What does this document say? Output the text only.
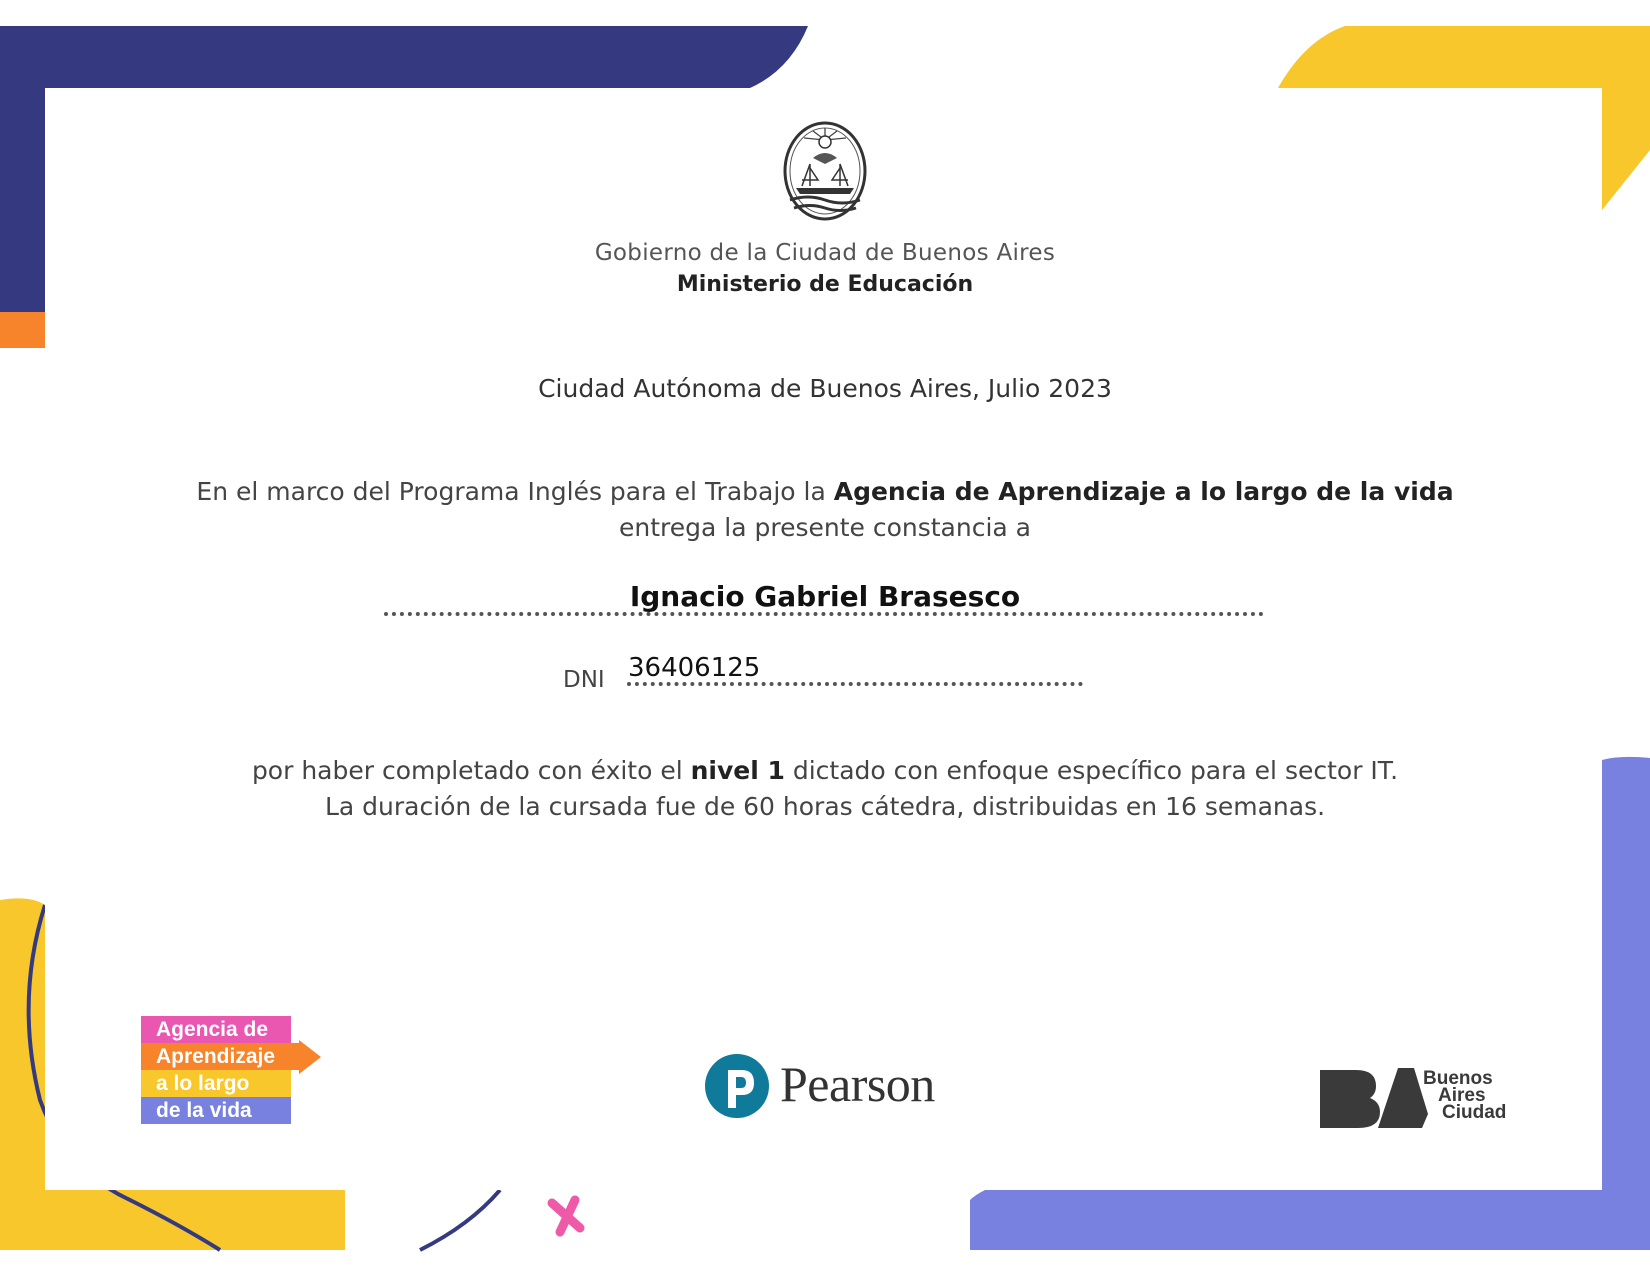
Gobierno de la Ciudad de Buenos Aires
Ministerio de Educación
Ciudad Autónoma de Buenos Aires, Julio 2023
En el marco del Programa Inglés para el Trabajo la Agencia de Aprendizaje a lo largo de la vida
entrega la presente constancia a
Ignacio Gabriel Brasesco
DNI 36406125
por haber completado con éxito el nivel 1 dictado con enfoque específico para el sector IT.
La duración de la cursada fue de 60 horas cátedra, distribuidas en 16 semanas.
Agencia de
Aprendizaje
a lo largo
de la vida	Pearson	Buenos
Aires
Ciudad
